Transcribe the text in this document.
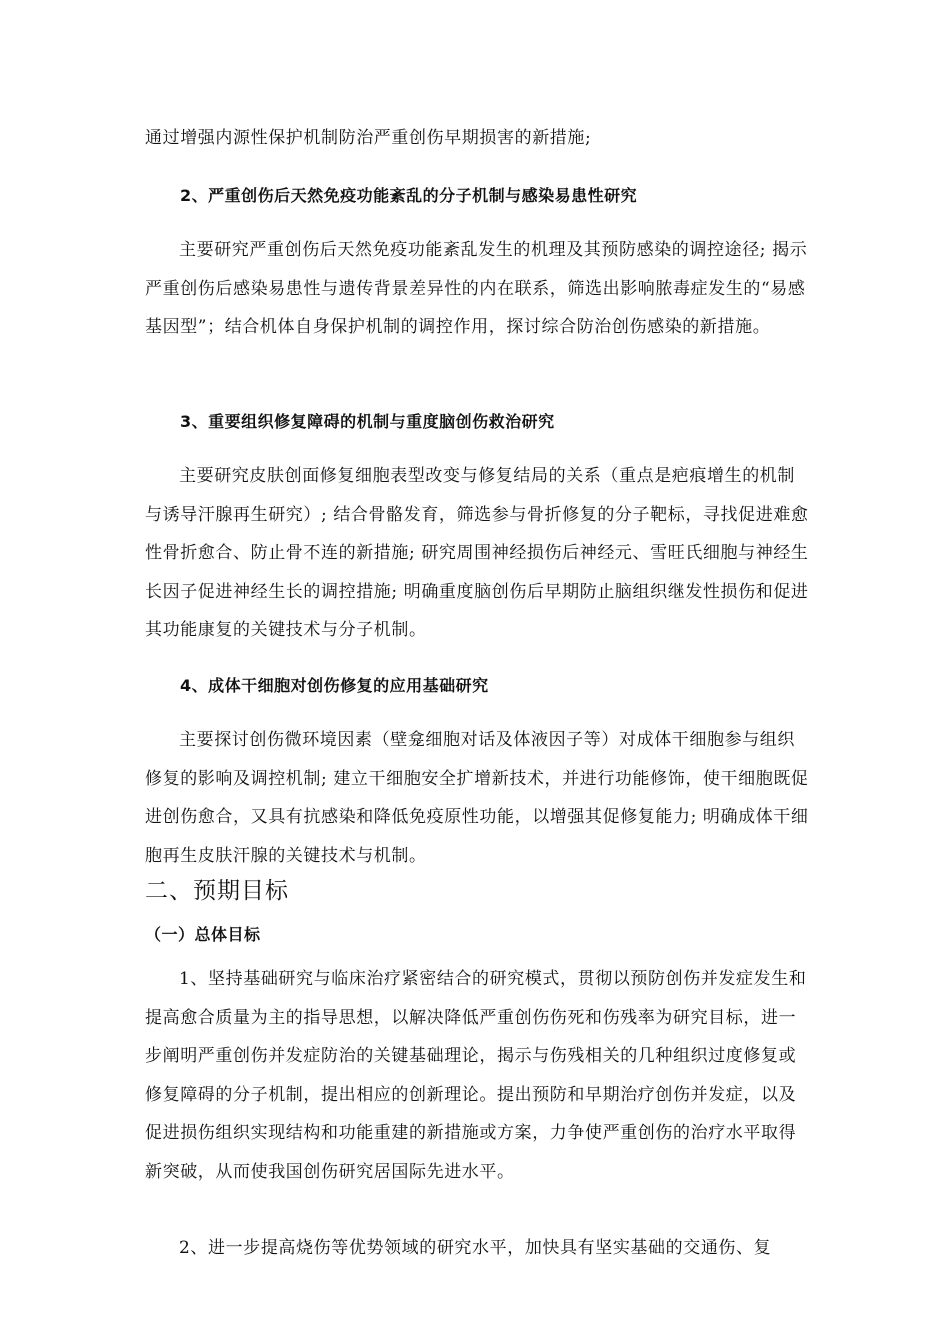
通过增强内源性保护机制防治严重创伤早期损害的新措施;

2、严重创伤后天然免疫功能紊乱的分子机制与感染易患性研究

主要研究严重创伤后天然免疫功能紊乱发生的机理及其预防感染的调控途径; 揭示严重创伤后感染易患性与遗传背景差异性的内在联系，筛选出影响脓毒症发生的“易感基因型”；结合机体自身保护机制的调控作用，探讨综合防治创伤感染的新措施。

3、重要组织修复障碍的机制与重度脑创伤救治研究

主要研究皮肤创面修复细胞表型改变与修复结局的关系（重点是疤痕增生的机制与诱导汗腺再生研究）; 结合骨骼发育，筛选参与骨折修复的分子靶标，寻找促进难愈性骨折愈合、防止骨不连的新措施; 研究周围神经损伤后神经元、雪旺氏细胞与神经生长因子促进神经生长的调控措施; 明确重度脑创伤后早期防止脑组织继发性损伤和促进其功能康复的关键技术与分子机制。

4、成体干细胞对创伤修复的应用基础研究

主要探讨创伤微环境因素（壁龛细胞对话及体液因子等）对成体干细胞参与组织修复的影响及调控机制; 建立干细胞安全扩增新技术，并进行功能修饰，使干细胞既促进创伤愈合，又具有抗感染和降低免疫原性功能，以增强其促修复能力; 明确成体干细胞再生皮肤汗腺的关键技术与机制。

二、预期目标
（一）总体目标

1、坚持基础研究与临床治疗紧密结合的研究模式，贯彻以预防创伤并发症发生和提高愈合质量为主的指导思想，以解决降低严重创伤伤死和伤残率为研究目标，进一步阐明严重创伤并发症防治的关键基础理论，揭示与伤残相关的几种组织过度修复或修复障碍的分子机制，提出相应的创新理论。提出预防和早期治疗创伤并发症，以及促进损伤组织实现结构和功能重建的新措施或方案，力争使严重创伤的治疗水平取得新突破，从而使我国创伤研究居国际先进水平。

2、进一步提高烧伤等优势领域的研究水平，加快具有坚实基础的交通伤、复
